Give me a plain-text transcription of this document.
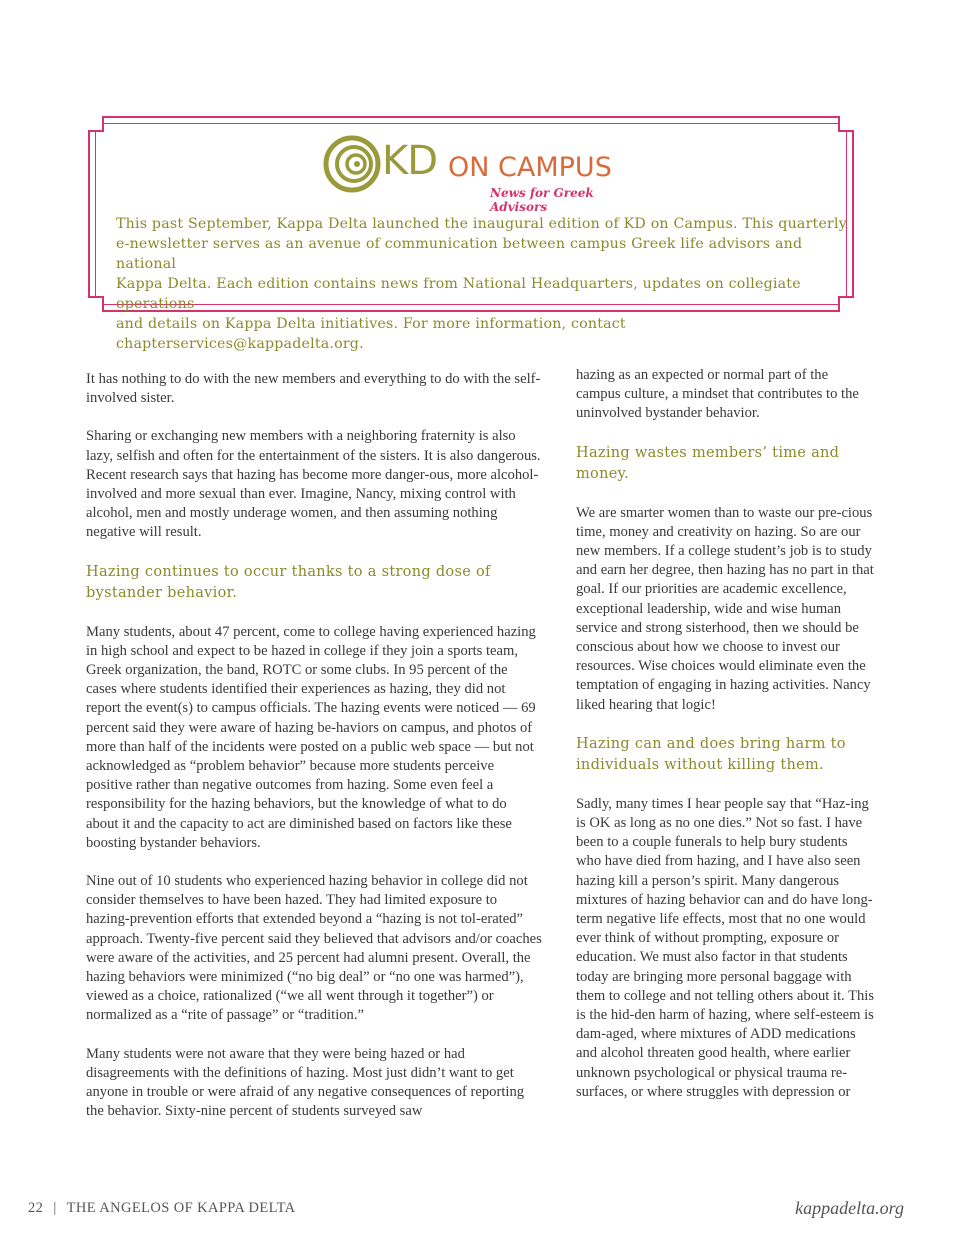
KD ON CAMPUS
News for Greek Advisors
This past September, Kappa Delta launched the inaugural edition of KD on Campus. This quarterly
e-newsletter serves as an avenue of communication between campus Greek life advisors and national
Kappa Delta. Each edition contains news from National Headquarters, updates on collegiate operations
and details on Kappa Delta initiatives. For more information, contact chapterservices@kappadelta.org.

It has nothing to do with the new members and everything to do with the self-involved sister.

Sharing or exchanging new members with a neighboring fraternity is also lazy, selfish and often for the entertainment of the sisters. It is also dangerous. Recent research says that hazing has become more danger-ous, more alcohol-involved and more sexual than ever. Imagine, Nancy, mixing control with alcohol, men and mostly underage women, and then assuming nothing negative will result.

Hazing continues to occur thanks to a strong dose of bystander behavior.

Many students, about 47 percent, come to college having experienced hazing in high school and expect to be hazed in college if they join a sports team, Greek organization, the band, ROTC or some clubs. In 95 percent of the cases where students identified their experiences as hazing, they did not report the event(s) to campus officials. The hazing events were noticed — 69 percent said they were aware of hazing be-haviors on campus, and photos of more than half of the incidents were posted on a public web space — but not acknowledged as “problem behavior” because more students perceive positive rather than negative outcomes from hazing. Some even feel a responsibility for the hazing behaviors, but the knowledge of what to do about it and the capacity to act are diminished based on factors like these boosting bystander behaviors.

Nine out of 10 students who experienced hazing behavior in college did not consider themselves to have been hazed. They had limited exposure to hazing-prevention efforts that extended beyond a “hazing is not tol-erated” approach. Twenty-five percent said they believed that advisors and/or coaches were aware of the activities, and 25 percent had alumni present. Overall, the hazing behaviors were minimized (“no big deal” or “no one was harmed”), viewed as a choice, rationalized (“we all went through it together”) or normalized as a “rite of passage” or “tradition.”

Many students were not aware that they were being hazed or had disagreements with the definitions of hazing. Most just didn’t want to get anyone in trouble or were afraid of any negative consequences of reporting the behavior. Sixty-nine percent of students surveyed saw

hazing as an expected or normal part of the campus culture, a mindset that contributes to the uninvolved bystander behavior.

Hazing wastes members’ time and money.

We are smarter women than to waste our pre-cious time, money and creativity on hazing. So are our new members. If a college student’s job is to study and earn her degree, then hazing has no part in that goal. If our priorities are academic excellence, exceptional leadership, wide and wise human service and strong sisterhood, then we should be conscious about how we choose to invest our resources. Wise choices would eliminate even the temptation of engaging in hazing activities. Nancy liked hearing that logic!

Hazing can and does bring harm to individuals without killing them.

Sadly, many times I hear people say that “Haz-ing is OK as long as no one dies.” Not so fast. I have been to a couple funerals to help bury students who have died from hazing, and I have also seen hazing kill a person’s spirit. Many dangerous mixtures of hazing behavior can and do have long-term negative life effects, most that no one would ever think of without prompting, exposure or education. We must also factor in that students today are bringing more personal baggage with them to college and not telling others about it. This is the hid-den harm of hazing, where self-esteem is dam-aged, where mixtures of ADD medications and alcohol threaten good health, where earlier unknown psychological or physical trauma re-surfaces, or where struggles with depression or

22 | THE ANGELOS OF KAPPA DELTA	kappadelta.org
